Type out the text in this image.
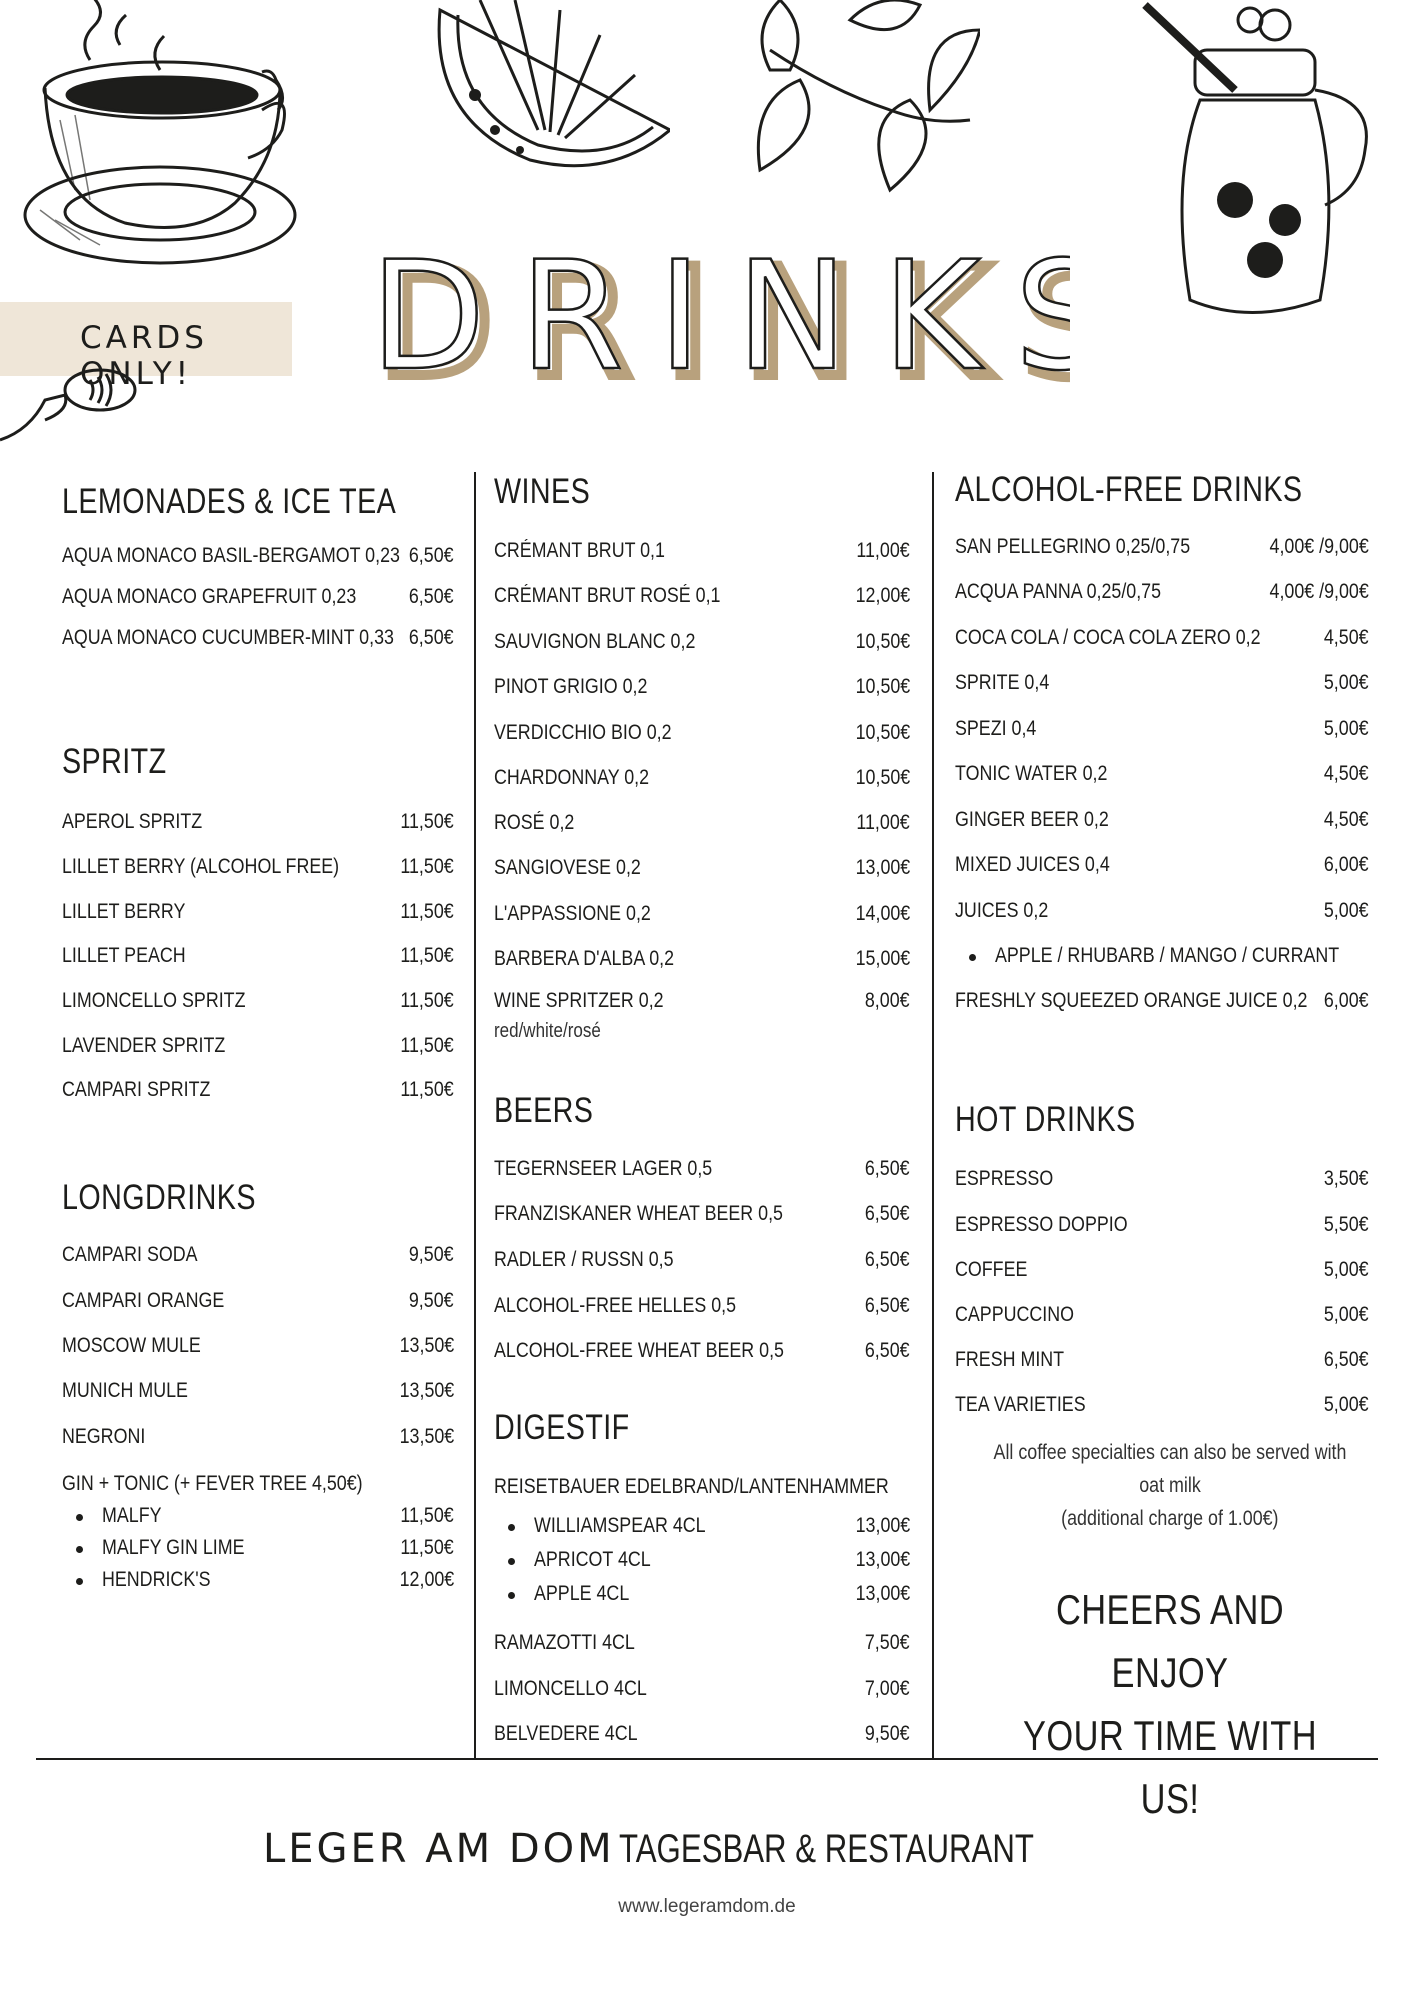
DRINK
DRINKS
CARDS ONLY!
LEMONADES & ICE TEA
AQUA MONACO BASIL-BERGAMOT 0,23 6,50€
AQUA MONACO GRAPEFRUIT 0,23	6,50€
AQUA MONACO CUCUMBER-MINT 0,33 6,50€
SPRITZ
APEROL SPRITZ	11,50€
LILLET BERRY (ALCOHOL FREE)	11,50€
LILLET BERRY	11,50€
LILLET PEACH	11,50€
LIMONCELLO SPRITZ	11,50€
LAVENDER SPRITZ	11,50€
CAMPARI SPRITZ	11,50€
LONGDRINKS
CAMPARI SODA	9,50€
CAMPARI ORANGE	9,50€
MOSCOW MULE	13,50€
MUNICH MULE	13,50€
NEGRONI	13,50€
GIN + TONIC (+ FEVER TREE 4,50€)
MALFY	11,50€
MALFY GIN LIME	11,50€
HENDRICK'S	12,00€
WINES
CRÉMANT BRUT 0,1	11,00€
CRÉMANT BRUT ROSÉ 0,1	12,00€
SAUVIGNON BLANC 0,2	10,50€
PINOT GRIGIO 0,2	10,50€
VERDICCHIO BIO 0,2	10,50€
CHARDONNAY 0,2	10,50€
ROSÉ 0,2	11,00€
SANGIOVESE 0,2	13,00€
L'APPASSIONE 0,2	14,00€
BARBERA D'ALBA 0,2	15,00€
WINE SPRITZER 0,2	8,00€
red/white/rosé
BEERS
TEGERNSEER LAGER 0,5	6,50€
FRANZISKANER WHEAT BEER 0,5	6,50€
RADLER / RUSSN 0,5	6,50€
ALCOHOL-FREE HELLES 0,5	6,50€
ALCOHOL-FREE WHEAT BEER 0,5	6,50€
DIGESTIF
REISETBAUER EDELBRAND/LANTENHAMMER
WILLIAMSPEAR 4CL	13,00€
APRICOT 4CL	13,00€
APPLE 4CL	13,00€
RAMAZOTTI 4CL	7,50€
LIMONCELLO 4CL	7,00€
BELVEDERE 4CL	9,50€
ALCOHOL-FREE DRINKS
SAN PELLEGRINO 0,25/0,75	4,00€ /9,00€
ACQUA PANNA 0,25/0,75	4,00€ /9,00€
COCA COLA / COCA COLA ZERO 0,2	4,50€
SPRITE 0,4	5,00€
SPEZI 0,4	5,00€
TONIC WATER 0,2	4,50€
GINGER BEER 0,2	4,50€
MIXED JUICES 0,4	6,00€
JUICES 0,2	5,00€
APPLE / RHUBARB / MANGO / CURRANT
FRESHLY SQUEEZED ORANGE JUICE 0,2 6,00€
HOT DRINKS
ESPRESSO	3,50€
ESPRESSO DOPPIO	5,50€
COFFEE	5,00€
CAPPUCCINO	5,00€
FRESH MINT	6,50€
TEA VARIETIES	5,00€
All coffee specialties can also be served with oat milk
(additional charge of 1.00€)
CHEERS AND ENJOY
YOUR TIME WITH US!
LEGER AM DOM TAGESBAR & RESTAURANT
www.legeramdom.de
